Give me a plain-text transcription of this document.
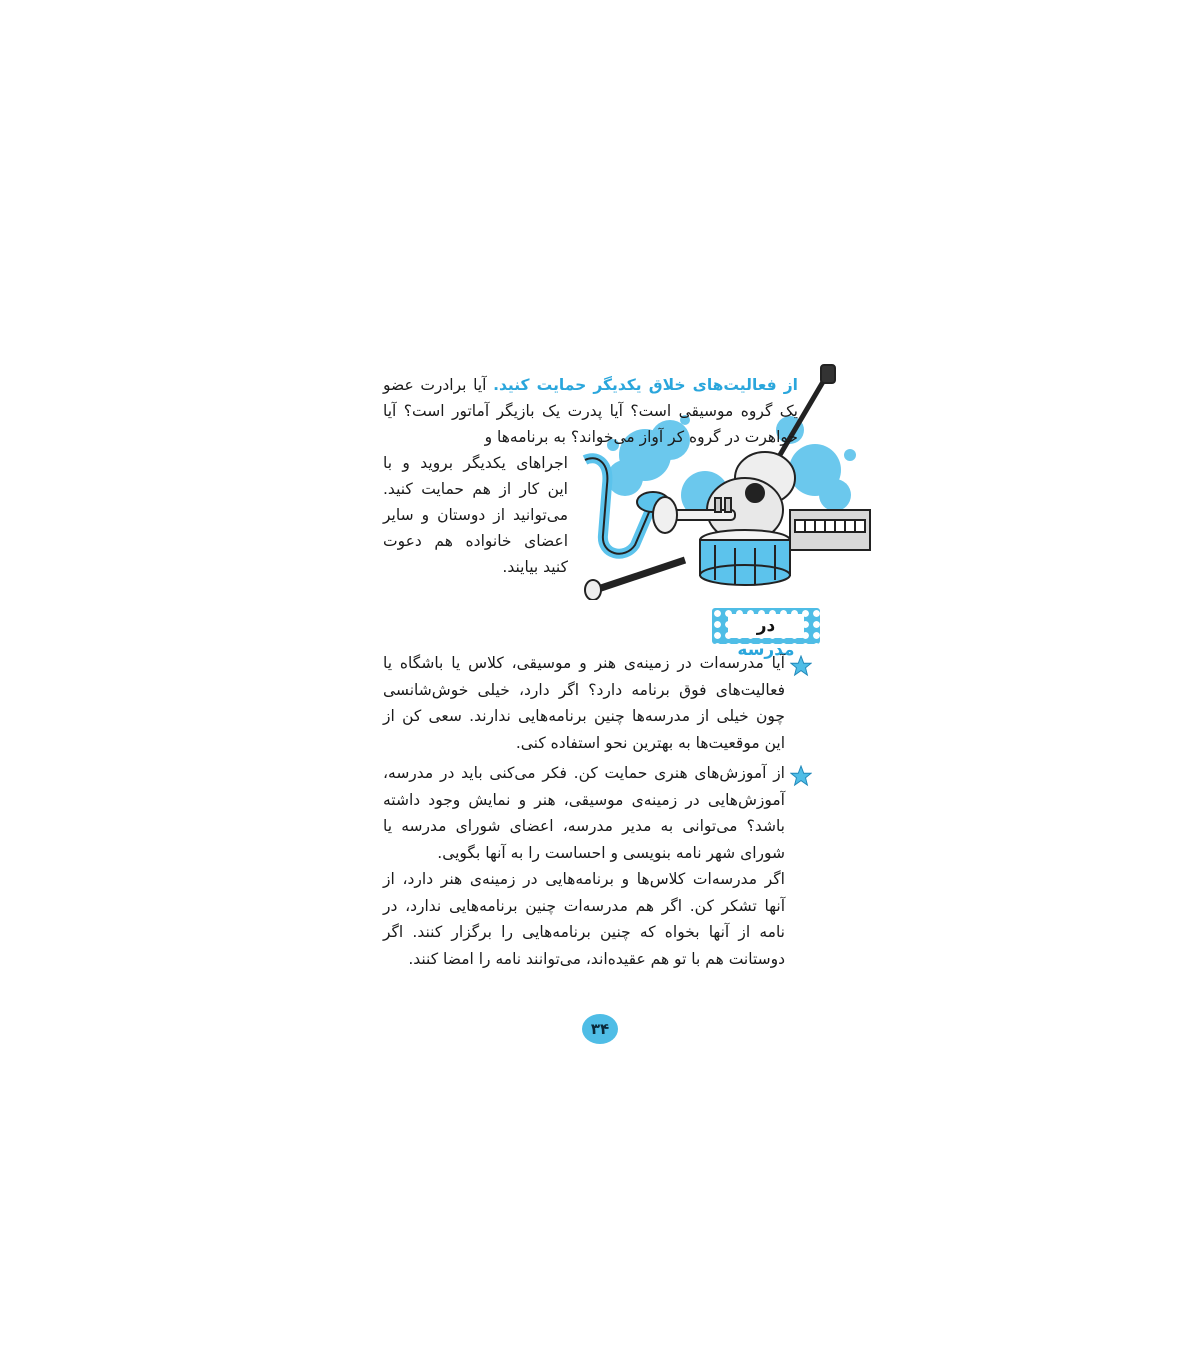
از فعالیت‌های خلاق یکدیگر حمایت کنید. آیا برادرت عضو یک گروه موسیقی است؟ آیا پدرت یک بازیگر آماتور است؟ آیا خواهرت در گروه کر آواز می‌خواند؟ به برنامه‌ها و
اجراهای یکدیگر بروید و با این کار از هم حمایت کنید. می‌توانید از دوستان و سایر اعضای خانواده هم دعوت کنید بیایند.
در مدرسه
آیا مدرسه‌ات در زمینه‌ی هنر و موسیقی، کلاس یا باشگاه یا فعالیت‌های فوق برنامه دارد؟ اگر دارد، خیلی خوش‌شانسی چون خیلی از مدرسه‌ها چنین برنامه‌هایی ندارند. سعی کن از این موقعیت‌ها به بهترین نحو استفاده کنی.
از آموزش‌های هنری حمایت کن. فکر می‌کنی باید در مدرسه، آموزش‌هایی در زمینه‌ی موسیقی، هنر و نمایش وجود داشته باشد؟ می‌توانی به مدیر مدرسه، اعضای شورای مدرسه یا شورای شهر نامه بنویسی و احساست را به آنها بگویی.
اگر مدرسه‌ات کلاس‌ها و برنامه‌هایی در زمینه‌ی هنر دارد، از آنها تشکر کن. اگر هم مدرسه‌ات چنین برنامه‌هایی ندارد، در نامه از آنها بخواه که چنین برنامه‌هایی را برگزار کنند. اگر دوستانت هم با تو هم عقیده‌اند، می‌توانند نامه را امضا کنند.
۳۴
